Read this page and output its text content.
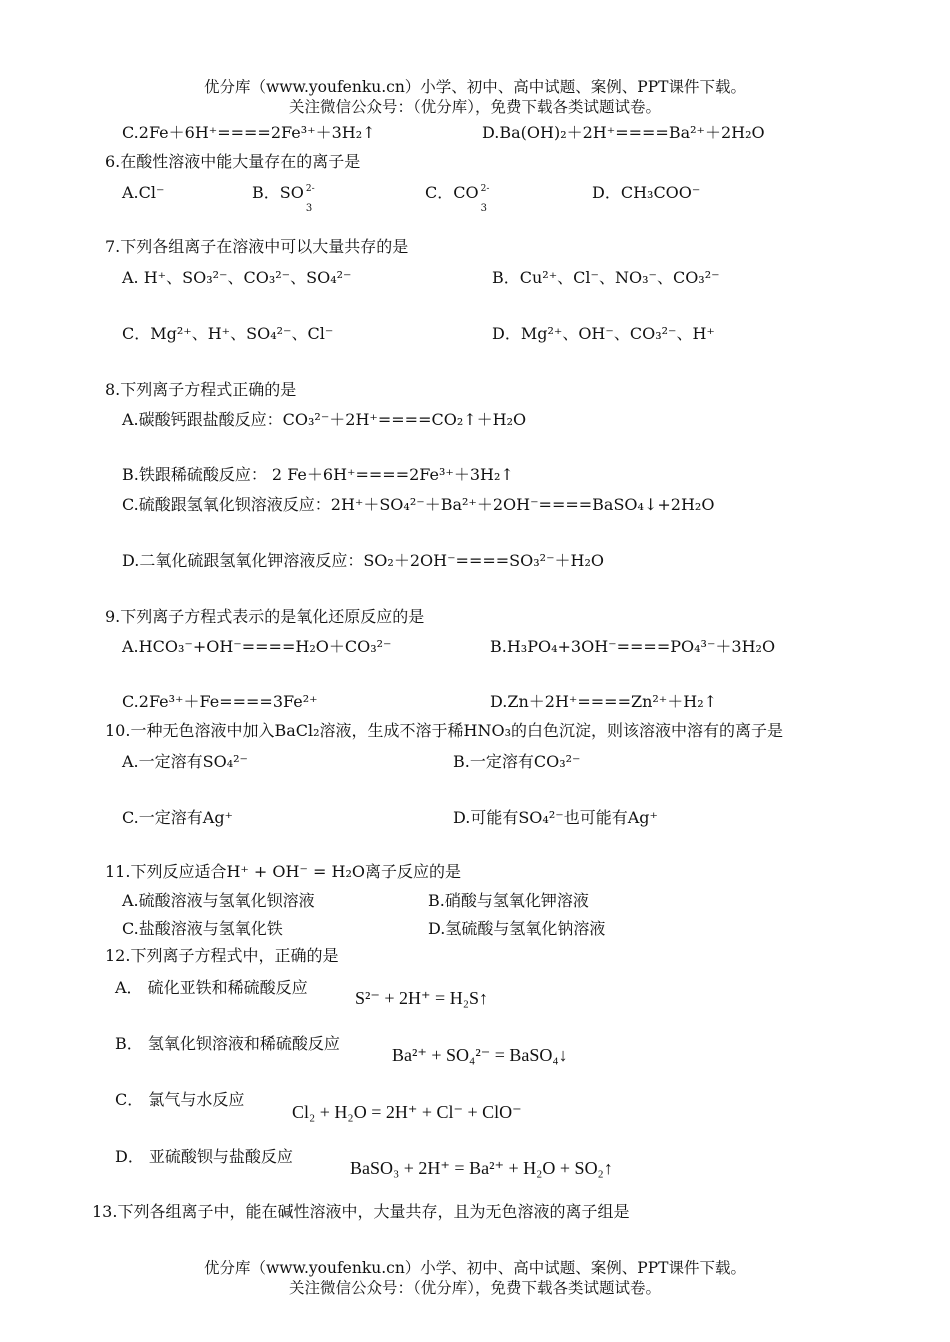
优分库（www.youfenku.cn）小学、初中、高中试题、案例、PPT课件下载。
关注微信公众号：（优分库），免费下载各类试题试卷。
C.2Fe＋6H⁺====2Fe³⁺＋3H₂↑	D.Ba(OH)₂＋2H⁺====Ba²⁺＋2H₂O
6.在酸性溶液中能大量存在的离子是
A.Cl⁻	B．SO 2-
3
C．CO 2-
3
D．CH₃COO⁻
7.下列各组离子在溶液中可以大量共存的是
A. H⁺、SO₃²⁻、CO₃²⁻、SO₄²⁻	B．Cu²⁺、Cl⁻、NO₃⁻、CO₃²⁻
C．Mg²⁺、H⁺、SO₄²⁻、Cl⁻	D．Mg²⁺、OH⁻、CO₃²⁻、H⁺
8.下列离子方程式正确的是
A.碳酸钙跟盐酸反应：CO₃²⁻＋2H⁺====CO₂↑＋H₂O
B.铁跟稀硫酸反应： 2 Fe＋6H⁺====2Fe³⁺＋3H₂↑
C.硫酸跟氢氧化钡溶液反应：2H⁺＋SO₄²⁻＋Ba²⁺＋2OH⁻====BaSO₄↓+2H₂O
D.二氧化硫跟氢氧化钾溶液反应：SO₂＋2OH⁻====SO₃²⁻＋H₂O
9.下列离子方程式表示的是氧化还原反应的是
A.HCO₃⁻+OH⁻====H₂O＋CO₃²⁻	B.H₃PO₄+3OH⁻====PO₄³⁻＋3H₂O
C.2Fe³⁺＋Fe====3Fe²⁺	D.Zn＋2H⁺====Zn²⁺＋H₂↑
10.一种无色溶液中加入BaCl₂溶液，生成不溶于稀HNO₃的白色沉淀，则该溶液中溶有的离子是
A.一定溶有SO₄²⁻	B.一定溶有CO₃²⁻
C.一定溶有Ag⁺	D.可能有SO₄²⁻也可能有Ag⁺
11.下列反应适合H⁺ + OH⁻ = H₂O离子反应的是
A.硫酸溶液与氢氧化钡溶液	B.硝酸与氢氧化钾溶液
C.盐酸溶液与氢氧化铁	D.氢硫酸与氢氧化钠溶液
12.下列离子方程式中，正确的是
A． 硫化亚铁和稀硫酸反应
S²⁻ + 2H⁺ = H₂S↑
B． 氢氧化钡溶液和稀硫酸反应
Ba²⁺ + SO₄²⁻ = BaSO₄↓
C． 氯气与水反应
Cl₂ + H₂O = 2H⁺ + Cl⁻ + ClO⁻
D． 亚硫酸钡与盐酸反应
BaSO₃ + 2H⁺ = Ba²⁺ + H₂O + SO₂↑
13.下列各组离子中，能在碱性溶液中，大量共存，且为无色溶液的离子组是
优分库（www.youfenku.cn）小学、初中、高中试题、案例、PPT课件下载。
关注微信公众号：（优分库），免费下载各类试题试卷。
